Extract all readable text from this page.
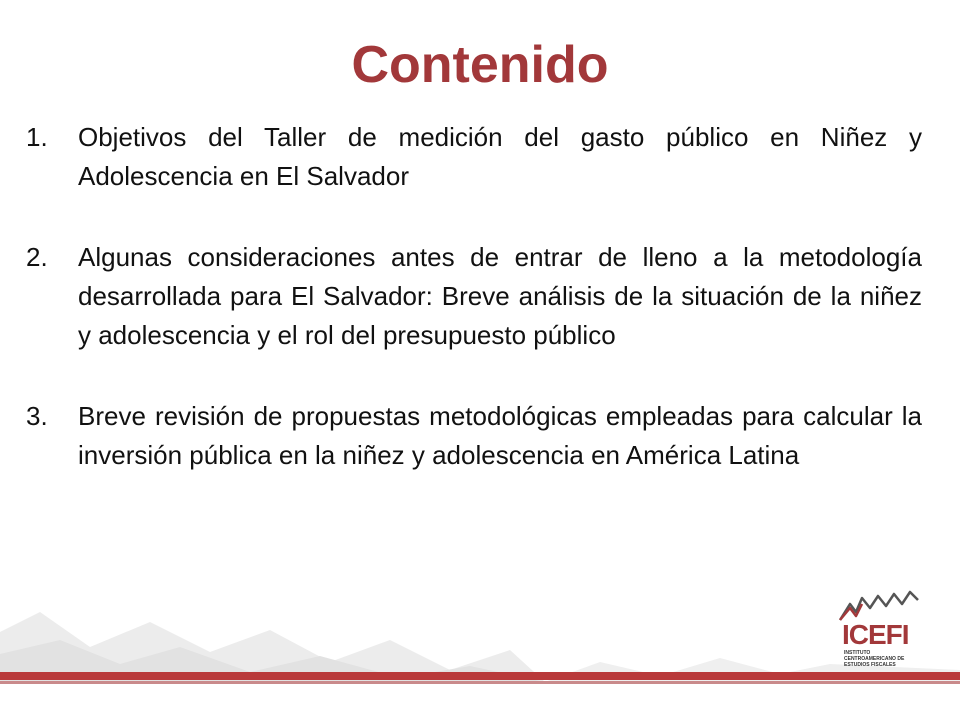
Contenido
1.	Objetivos del Taller de medición del gasto público en Niñez y Adolescencia en El Salvador
2.	Algunas consideraciones antes de entrar de lleno a la metodología desarrollada para El Salvador: Breve análisis de la situación de la niñez y adolescencia y el rol del presupuesto público
3.	Breve revisión de propuestas metodológicas empleadas para calcular la inversión pública en la niñez y adolescencia en América Latina
ICEFI
INSTITUTO CENTROAMERICANO DE ESTUDIOS FISCALES
